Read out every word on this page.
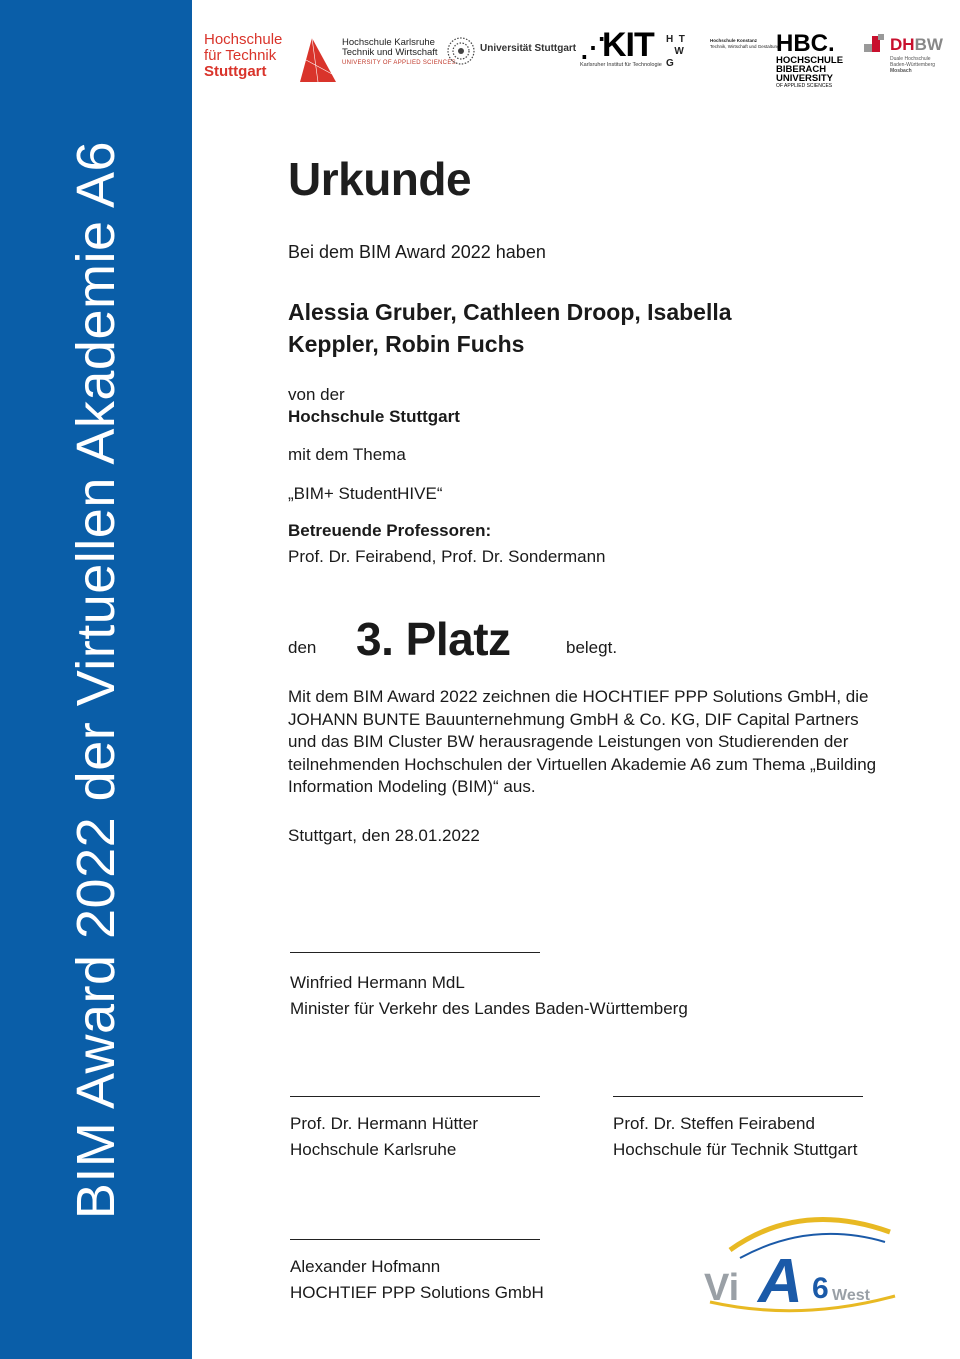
BIM Award 2022 der Virtuellen Akademie A6
Hochschule
für Technik
Stuttgart
Hochschule Karlsruhe
Technik und Wirtschaft
UNIVERSITY OF APPLIED SCIENCES
Universität Stuttgart ⋰KIT
Karlsruher Institut für Technologie
H T
W
G
Hochschule Konstanz
Technik, Wirtschaft und Gestaltung
HBC.
HOCHSCHULE
BIBERACH
UNIVERSITY
OF APPLIED SCIENCES
DHBW
Duale Hochschule
Baden-Württemberg
Mosbach
Urkunde
Bei dem BIM Award 2022 haben
Alessia Gruber, Cathleen Droop, Isabella
Keppler, Robin Fuchs
von der
Hochschule Stuttgart
mit dem Thema
„BIM+ StudentHIVE“
Betreuende Professoren:
Prof. Dr. Feirabend, Prof. Dr. Sondermann
den 3. Platz	belegt.
Mit dem BIM Award 2022 zeichnen die HOCHTIEF PPP Solutions GmbH, die JOHANN BUNTE Bauunternehmung GmbH & Co. KG, DIF Capital Partners und das BIM Cluster BW herausragende Leistungen von Studierenden der teilnehmenden Hochschulen der Virtuellen Akademie A6 zum Thema „Building Information Modeling (BIM)“ aus.
Stuttgart, den 28.01.2022
Winfried Hermann MdL
Minister für Verkehr des Landes Baden-Württemberg
Prof. Dr. Hermann Hütter
Hochschule Karlsruhe
Prof. Dr. Steffen Feirabend
Hochschule für Technik Stuttgart
Alexander Hofmann
HOCHTIEF PPP Solutions GmbH	Vi A 6 West
